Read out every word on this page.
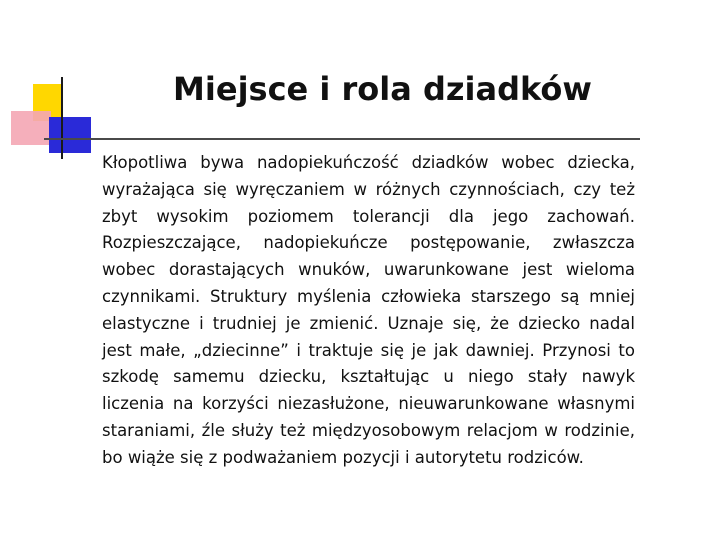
Miejsce i rola dziadków

Kłopotliwa bywa nadopiekuńczość dziadków wobec dziecka, wyrażająca się wyręczaniem w różnych czynnościach, czy też zbyt wysokim poziomem tolerancji dla jego zachowań. Rozpieszczające, nadopiekuńcze postępowanie, zwłaszcza wobec dorastających wnuków, uwarunkowane jest wieloma czynnikami. Struktury myślenia człowieka starszego są mniej elastyczne i trudniej je zmienić. Uznaje się, że dziecko nadal jest małe, „dziecinne” i traktuje się je jak dawniej. Przynosi to szkodę samemu dziecku, kształtując u niego stały nawyk liczenia na korzyści niezasłużone, nieuwarunkowane własnymi staraniami, źle służy też międzyosobowym relacjom w rodzinie, bo wiąże się z podważaniem pozycji i autorytetu rodziców.
